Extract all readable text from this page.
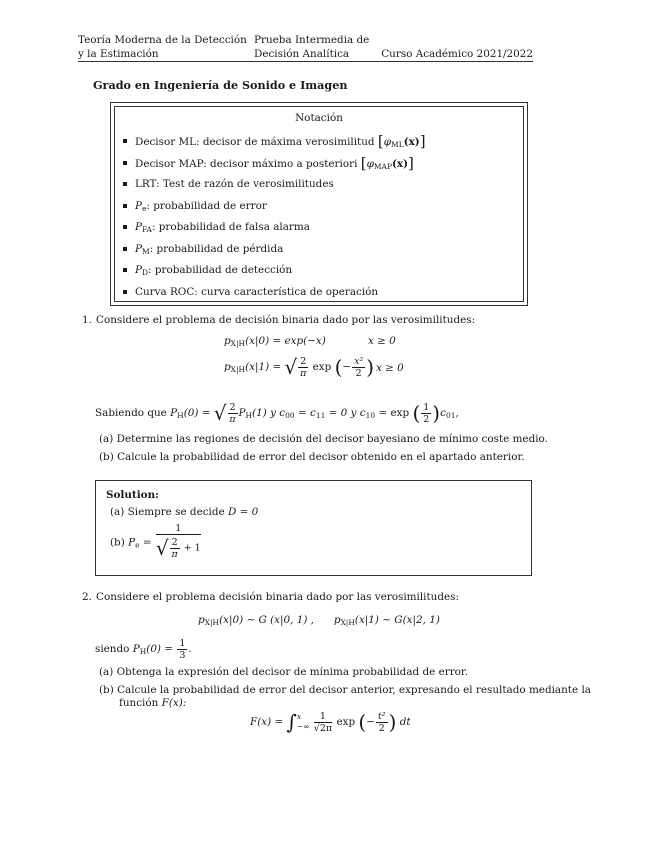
Teoría Moderna de la Detección
y la Estimación
Prueba Intermedia de
Decisión Analítica	Curso Académico 2021/2022
Grado en Ingeniería de Sonido e Imagen
Notación
Decisor ML: decisor de máxima verosimilitud $[\varphi_{ML}(x)]$
Decisor MAP: decisor máximo a posteriori $[\varphi_{MAP}(x)]$
LRT: Test de razón de verosimilitudes
$P_e$: probabilidad de error
$P_{FA}$: probabilidad de falsa alarma
$P_M$: probabilidad de pérdida
$P_D$: probabilidad de detección
Curva ROC: curva característica de operación
1. Considere el problema de decisión binaria dado por las verosimilitudes:
$p_{X|H}(x|0) = \exp(-x)$	x ≥ 0
$p_{X|H}(x|1)$ = √ $\frac{2}{\pi}$ exp (− $\frac{\text{x²}}{2}$ ) x ≥ 0
Sabiendo que $P_H(0)$ = √ $\frac{2}{\pi} P_H(1)$ y $c_{00} = c_{11} = 0$ y $c_{10} = \exp$ ( $\frac{1}{2} )c_{01}$,
(a) Determine las regiones de decisión del decisor bayesiano de mínimo coste medio.
(b) Calcule la probabilidad de error del decisor obtenido en el apartado anterior.
Solution:
(a) Siempre se decide D = 0
(b) $P_e = \frac{1}{√ \frac{2}{\pi} + 1}$
2. Considere el problema decisión binaria dado por las verosimilitudes:
$p_{X|H}(x|0)$ ∼ G (x|0, 1) , $p_{X|H}(x|1)$ ∼ G(x|2, 1)
siendo $P_H(0) = \frac{1}{3}$ .
(a) Obtenga la expresión del decisor de mínima probabilidad de error.
(b) Calcule la probabilidad de error del decisor anterior, expresando el resultado mediante la
función F(x):
F(x) = ∫ x
−∞
$\frac{1}{√2\pi}$ exp (− $\frac{\text{t²}}{2}$ ) dt
